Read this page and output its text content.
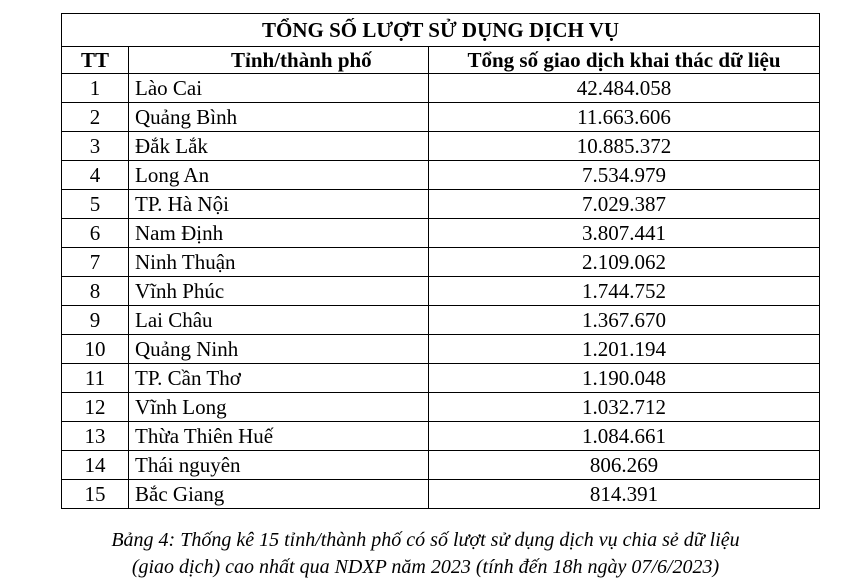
TỔNG SỐ LƯỢT SỬ DỤNG DỊCH VỤ		
TT	Tỉnh/thành phố	Tổng số giao dịch khai thác dữ liệu
1	Lào Cai	42.484.058
2	Quảng Bình	11.663.606
3	Đắk Lắk	10.885.372
4	Long An	7.534.979
5	TP. Hà Nội	7.029.387
6	Nam Định	3.807.441
7	Ninh Thuận	2.109.062
8	Vĩnh Phúc	1.744.752
9	Lai Châu	1.367.670
10	Quảng Ninh	1.201.194
11	TP. Cần Thơ	1.190.048
12	Vĩnh Long	1.032.712
13	Thừa Thiên Huế	1.084.661
14	Thái nguyên	806.269
15	Bắc Giang	814.391
Bảng 4: Thống kê 15 tỉnh/thành phố có số lượt sử dụng dịch vụ chia sẻ dữ liệu
(giao dịch) cao nhất qua NDXP năm 2023 (tính đến 18h ngày 07/6/2023)
